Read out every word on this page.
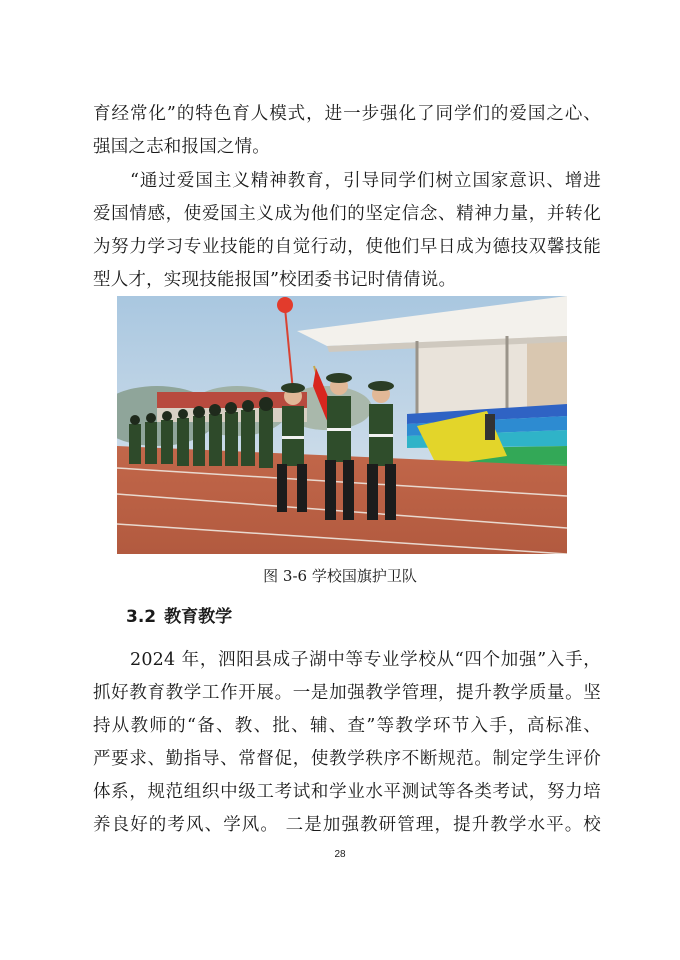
育经常化”的特色育人模式，进一步强化了同学们的爱国之心、
强国之志和报国之情。
“通过爱国主义精神教育，引导同学们树立国家意识、增进
爱国情感，使爱国主义成为他们的坚定信念、精神力量，并转化
为努力学习专业技能的自觉行动，使他们早日成为德技双馨技能
型人才，实现技能报国”校团委书记时倩倩说。
图 3-6 学校国旗护卫队
3.2 教育教学
2024 年，泗阳县成子湖中等专业学校从“四个加强”入手，
抓好教育教学工作开展。一是加强教学管理，提升教学质量。坚
持从教师的“备、教、批、辅、查”等教学环节入手，高标准、
严要求、勤指导、常督促，使教学秩序不断规范。制定学生评价
体系，规范组织中级工考试和学业水平测试等各类考试，努力培
养良好的考风、学风。 二是加强教研管理，提升教学水平。校
28
